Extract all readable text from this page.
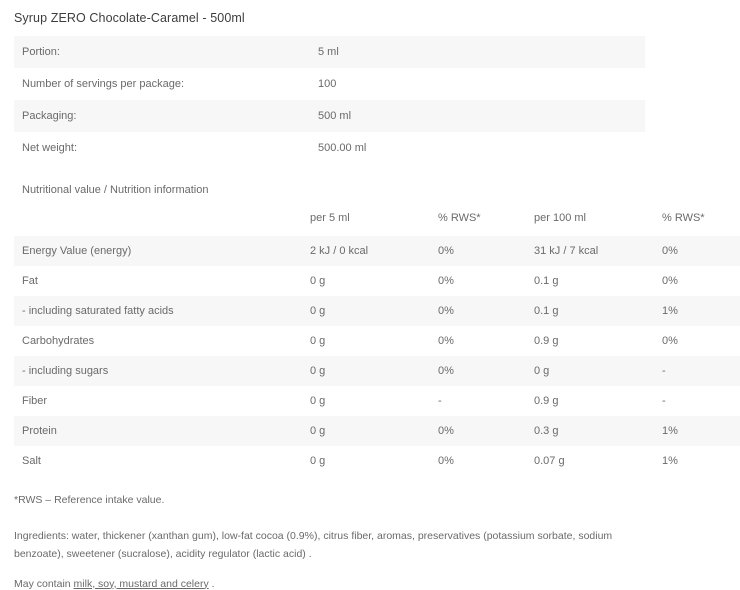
Syrup ZERO Chocolate-Caramel - 500ml
Portion:	5 ml
Number of servings per package:	100
Packaging:	500 ml
Net weight:	500.00 ml
Nutritional value / Nutrition information
	per 5 ml	% RWS*	per 100 ml	% RWS*
Energy Value (energy)	2 kJ / 0 kcal	0%	31 kJ / 7 kcal	0%
Fat	0 g	0%	0.1 g	0%
- including saturated fatty acids	0 g	0%	0.1 g	1%
Carbohydrates	0 g	0%	0.9 g	0%
- including sugars	0 g	0%	0 g	-
Fiber	0 g	-	0.9 g	-
Protein	0 g	0%	0.3 g	1%
Salt	0 g	0%	0.07 g	1%
*RWS – Reference intake value.
Ingredients: water, thickener (xanthan gum), low-fat cocoa (0.9%), citrus fiber, aromas, preservatives (potassium sorbate, sodium benzoate), sweetener (sucralose), acidity regulator (lactic acid) .
May contain milk, soy, mustard and celery .
